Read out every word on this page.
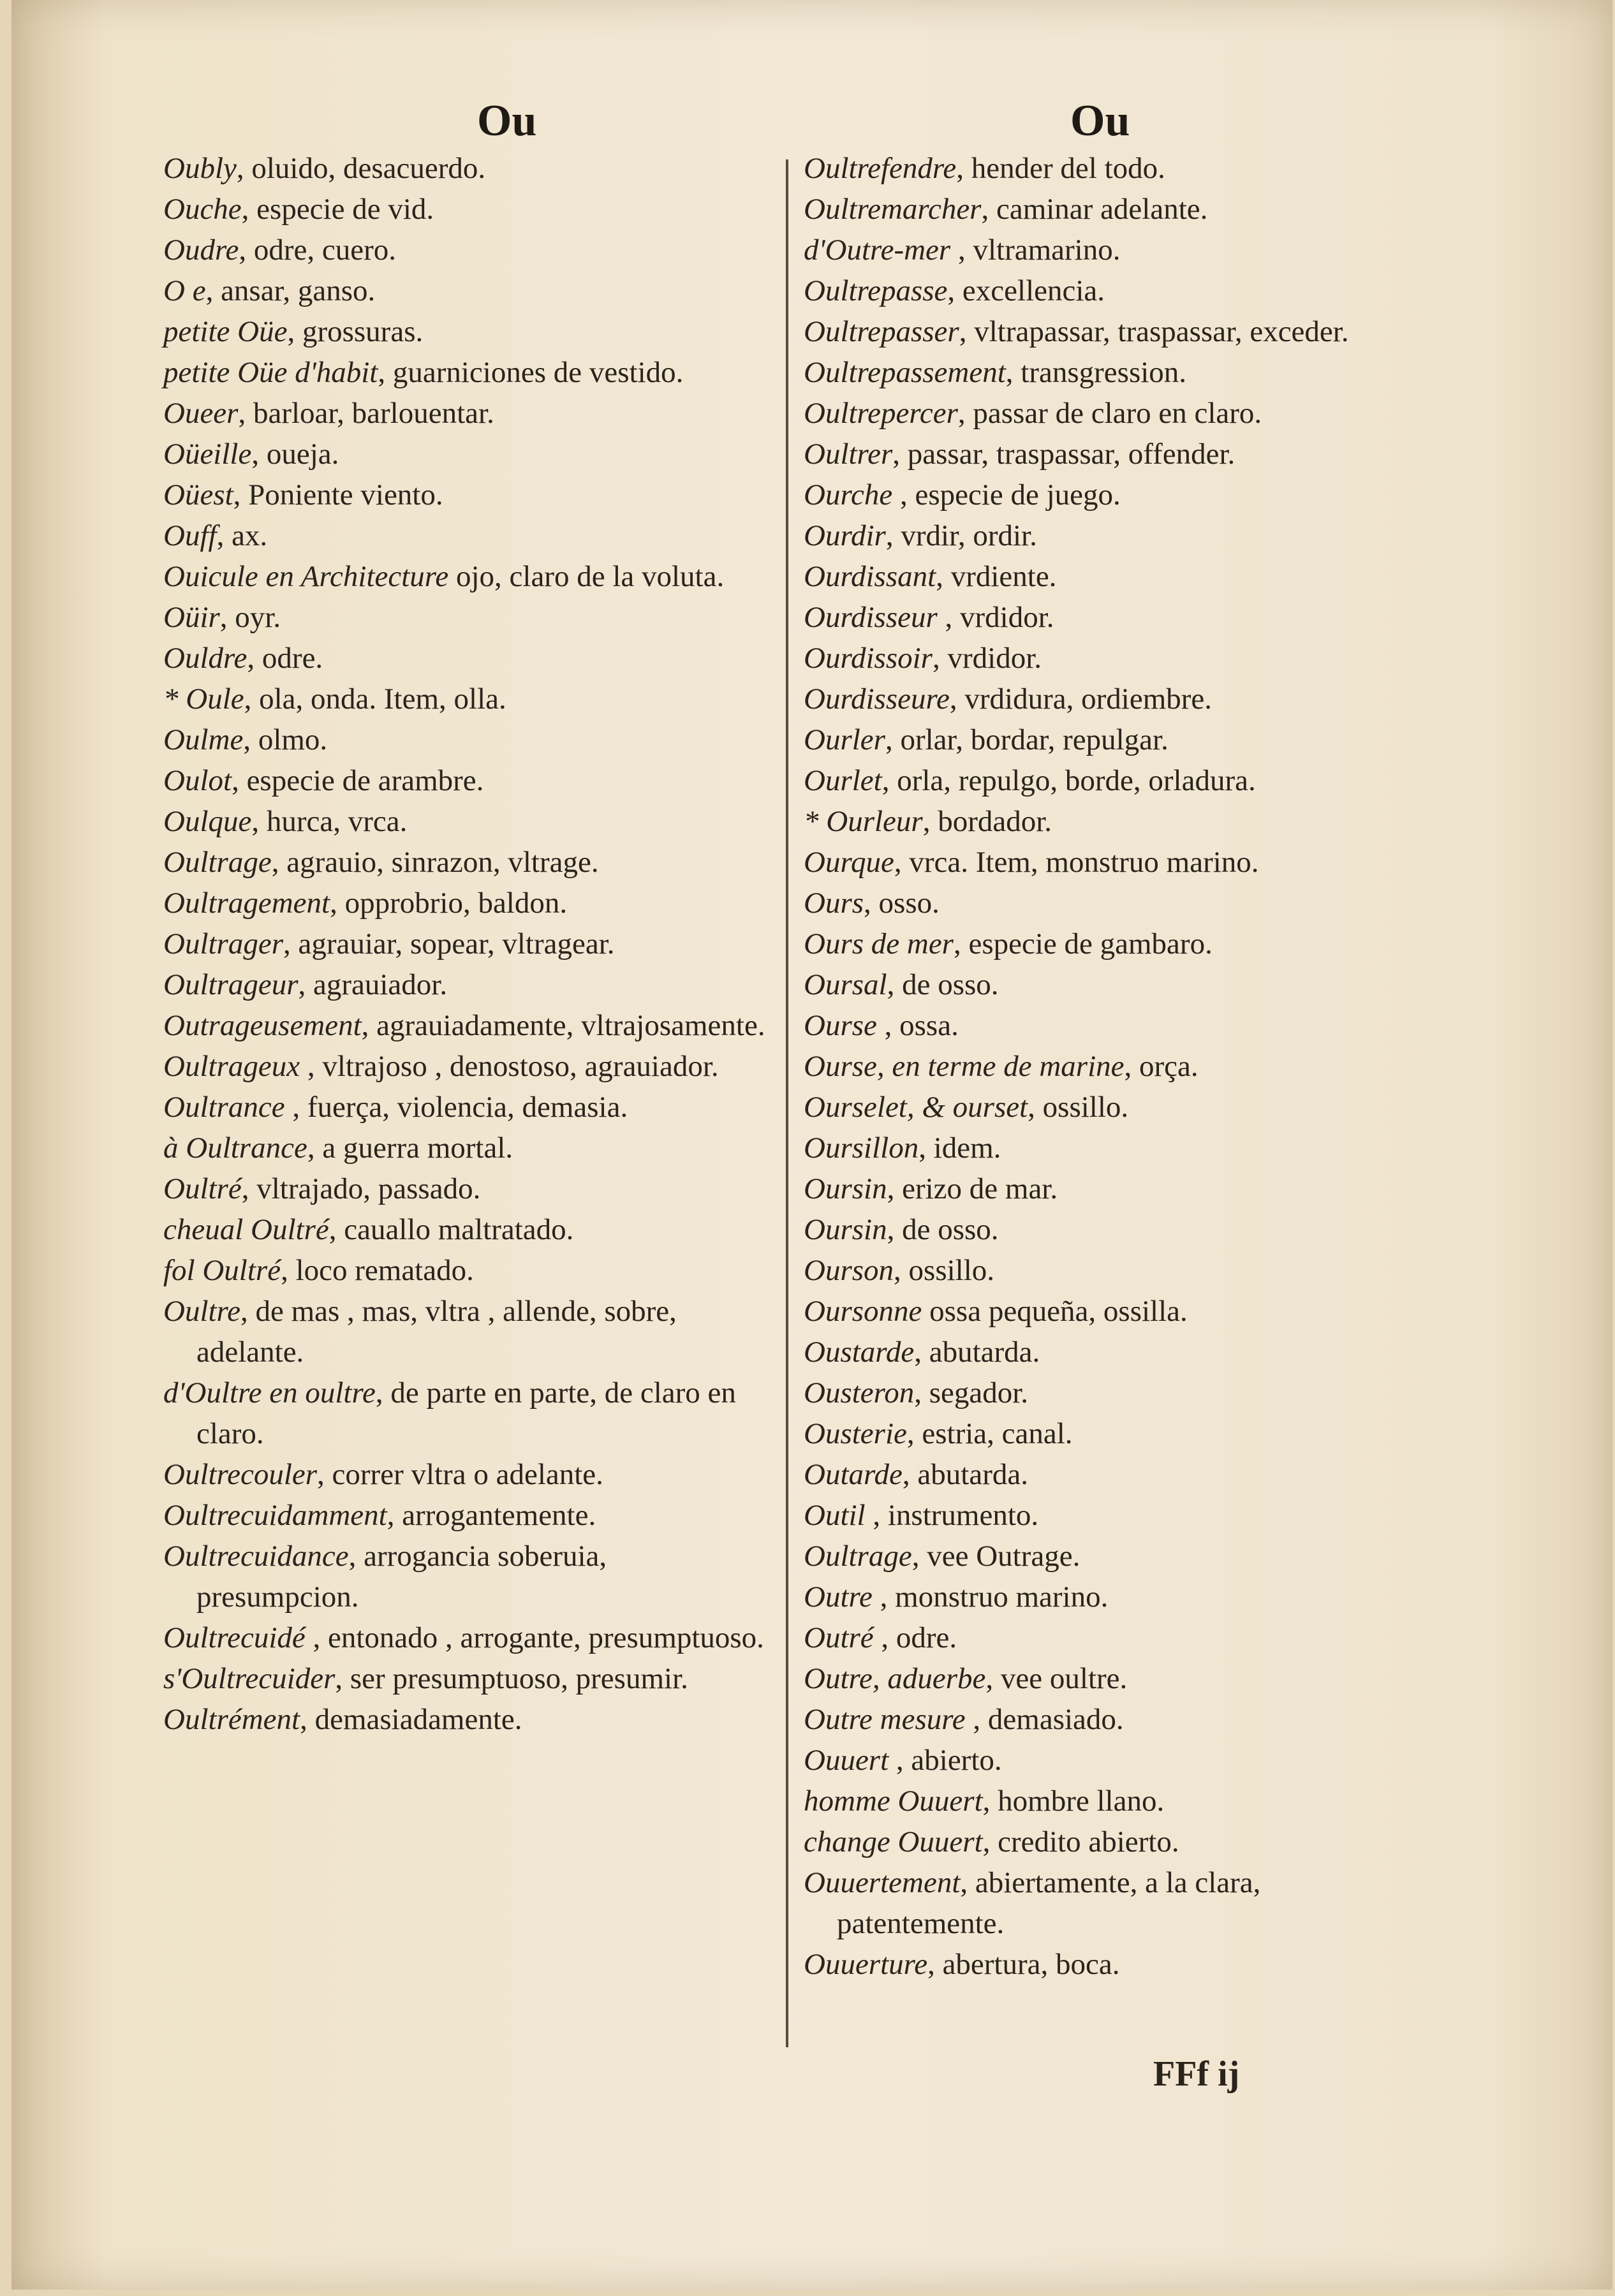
Ou	Ou
Oubly, oluido, desacuerdo.
Ouche, especie de vid.
Oudre, odre, cuero.
O e, ansar, ganso.
petite Oüe, grossuras.
petite Oüe d'habit, guarniciones de vestido.
Oueer, barloar, barlouentar.
Oüeille, oueja.
Oüest, Poniente viento.
Ouff, ax.
Ouicule en Architecture ojo, claro de la voluta.
Oüir, oyr.
Ouldre, odre.
* Oule, ola, onda. Item, olla.
Oulme, olmo.
Oulot, especie de arambre.
Oulque, hurca, vrca.
Oultrage, agrauio, sinrazon, vltrage.
Oultragement, opprobrio, baldon.
Oultrager, agrauiar, sopear, vltragear.
Oultrageur, agrauiador.
Outrageusement, agrauiadamente, vltrajosamente.
Oultrageux , vltrajoso , denostoso, agrauiador.
Oultrance , fuerça, violencia, demasia.
à Oultrance, a guerra mortal.
Oultré, vltrajado, passado.
cheual Oultré, cauallo maltratado.
fol Oultré, loco rematado.
Oultre, de mas , mas, vltra , allende, sobre, adelante.
d'Oultre en oultre, de parte en parte, de claro en claro.
Oultrecouler, correr vltra o adelante.
Oultrecuidamment, arrogantemente.
Oultrecuidance, arrogancia soberuia, presumpcion.
Oultrecuidé , entonado , arrogante, presumptuoso.
s'Oultrecuider, ser presumptuoso, presumir.
Oultrément, demasiadamente.
Oultrefendre, hender del todo.
Oultremarcher, caminar adelante.
d'Outre-mer , vltramarino.
Oultrepasse, excellencia.
Oultrepasser, vltrapassar, traspassar, exceder.
Oultrepassement, transgression.
Oultrepercer, passar de claro en claro.
Oultrer, passar, traspassar, offender.
Ourche , especie de juego.
Ourdir, vrdir, ordir.
Ourdissant, vrdiente.
Ourdisseur , vrdidor.
Ourdissoir, vrdidor.
Ourdisseure, vrdidura, ordiembre.
Ourler, orlar, bordar, repulgar.
Ourlet, orla, repulgo, borde, orladura.
* Ourleur, bordador.
Ourque, vrca. Item, monstruo marino.
Ours, osso.
Ours de mer, especie de gambaro.
Oursal, de osso.
Ourse , ossa.
Ourse, en terme de marine, orça.
Ourselet, & ourset, ossillo.
Oursillon, idem.
Oursin, erizo de mar.
Oursin, de osso.
Ourson, ossillo.
Oursonne ossa pequeña, ossilla.
Oustarde, abutarda.
Ousteron, segador.
Ousterie, estria, canal.
Outarde, abutarda.
Outil , instrumento.
Oultrage, vee Outrage.
Outre , monstruo marino.
Outré , odre.
Outre, aduerbe, vee oultre.
Outre mesure , demasiado.
Ouuert , abierto.
homme Ouuert, hombre llano.
change Ouuert, credito abierto.
Ouuertement, abiertamente, a la clara, patentemente.
Ouuerture, abertura, boca.
FFf ij
